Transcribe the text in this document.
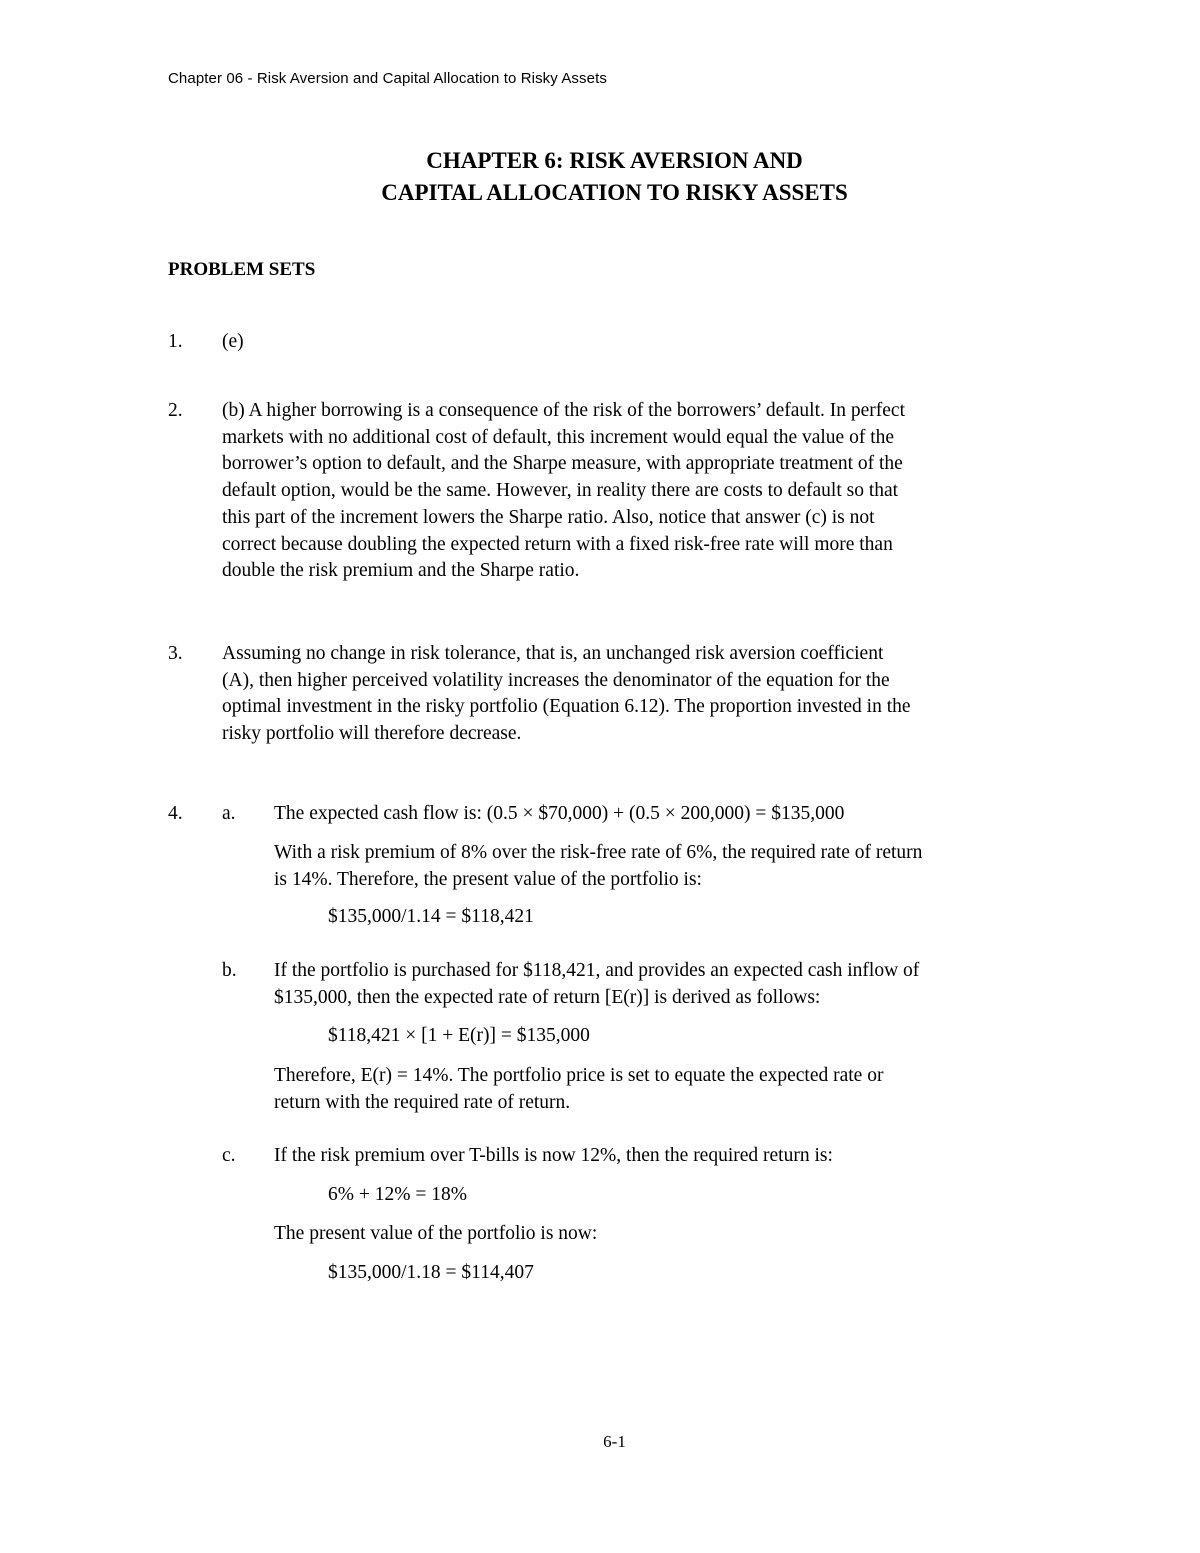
Chapter 06 - Risk Aversion and Capital Allocation to Risky Assets
CHAPTER 6: RISK AVERSION AND
CAPITAL ALLOCATION TO RISKY ASSETS
PROBLEM SETS
1. (e)
2. (b) A higher borrowing is a consequence of the risk of the borrowers’ default. In perfect
markets with no additional cost of default, this increment would equal the value of the
borrower’s option to default, and the Sharpe measure, with appropriate treatment of the
default option, would be the same. However, in reality there are costs to default so that
this part of the increment lowers the Sharpe ratio. Also, notice that answer (c) is not
correct because doubling the expected return with a fixed risk-free rate will more than
double the risk premium and the Sharpe ratio.
3. Assuming no change in risk tolerance, that is, an unchanged risk aversion coefficient
(A), then higher perceived volatility increases the denominator of the equation for the
optimal investment in the risky portfolio (Equation 6.12). The proportion invested in the
risky portfolio will therefore decrease.
4. a. The expected cash flow is: (0.5 × $70,000) + (0.5 × 200,000) = $135,000
With a risk premium of 8% over the risk-free rate of 6%, the required rate of return
is 14%. Therefore, the present value of the portfolio is:
$135,000/1.14 = $118,421
b. If the portfolio is purchased for $118,421, and provides an expected cash inflow of
$135,000, then the expected rate of return [E(r)] is derived as follows:
$118,421 × [1 + E(r)] = $135,000
Therefore, E(r) = 14%. The portfolio price is set to equate the expected rate or
return with the required rate of return.
c. If the risk premium over T-bills is now 12%, then the required return is:
6% + 12% = 18%
The present value of the portfolio is now:
$135,000/1.18 = $114,407
6-1
